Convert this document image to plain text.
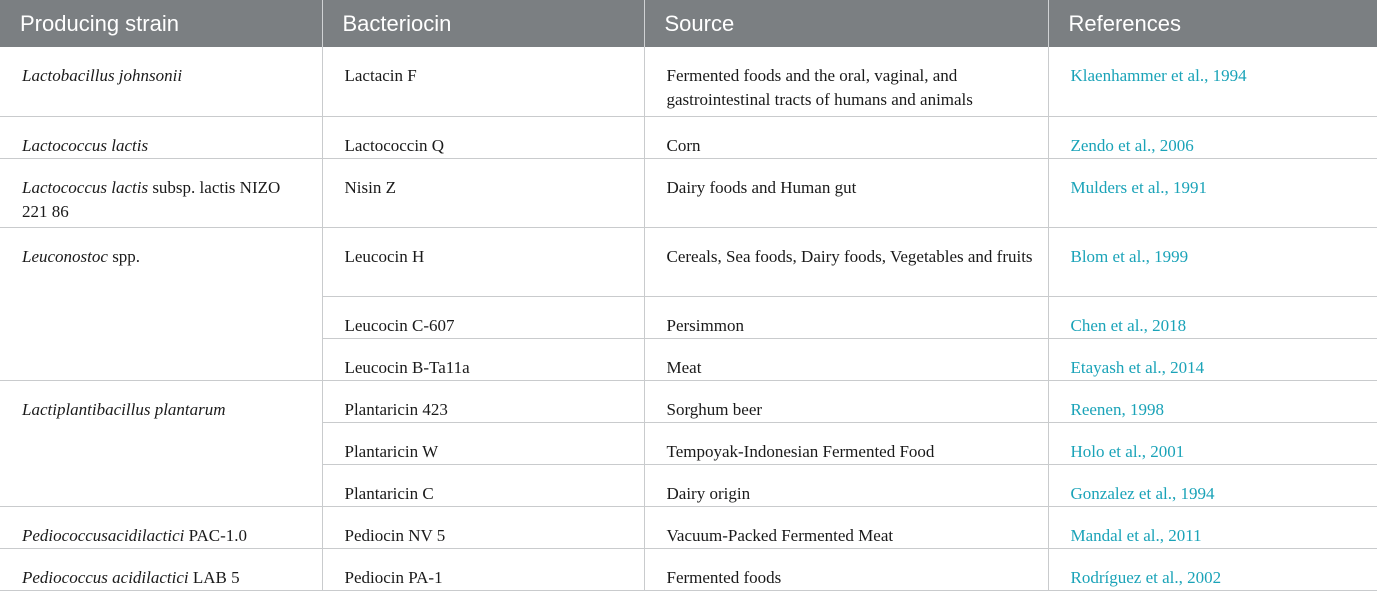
Producing strain	Bacteriocin	Source	References
Lactobacillus johnsonii	Lactacin F	Fermented foods and the oral, vaginal, and gastrointestinal tracts of humans and animals	Klaenhammer et al., 1994
Lactococcus lactis	Lactococcin Q	Corn	Zendo et al., 2006
Lactococcus lactis subsp. lactis NIZO 221 86	Nisin Z	Dairy foods and Human gut	Mulders et al., 1991
Leuconostoc spp.	Leucocin H	Cereals, Sea foods, Dairy foods, Vegetables and fruits	Blom et al., 1999
	Leucocin C-607	Persimmon	Chen et al., 2018
	Leucocin B-Ta11a	Meat	Etayash et al., 2014
Lactiplantibacillus plantarum	Plantaricin 423	Sorghum beer	Reenen, 1998
	Plantaricin W	Tempoyak-Indonesian Fermented Food	Holo et al., 2001
	Plantaricin C	Dairy origin	Gonzalez et al., 1994
Pediococcusacidilactici PAC-1.0	Pediocin NV 5	Vacuum-Packed Fermented Meat	Mandal et al., 2011
Pediococcus acidilactici LAB 5	Pediocin PA-1	Fermented foods	Rodríguez et al., 2002
